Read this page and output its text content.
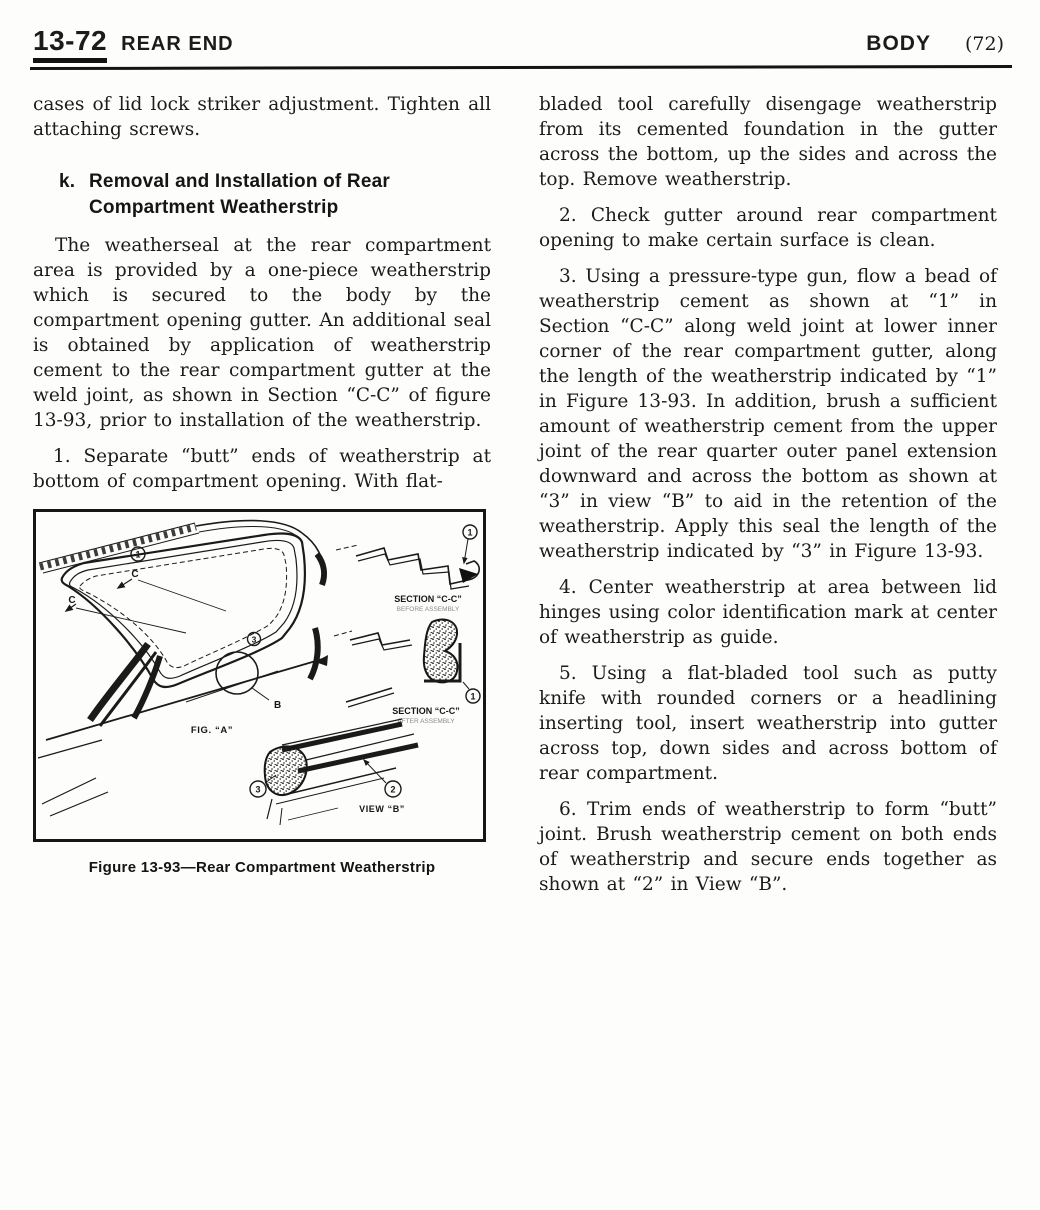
13-72 REAR END	BODY (72)

cases of lid lock striker adjustment. Tighten all attaching screws.

k. Removal and Installation of Rear Compartment Weatherstrip

The weatherseal at the rear compartment area is provided by a one-piece weatherstrip which is secured to the body by the compartment opening gutter. An additional seal is obtained by application of weatherstrip cement to the rear compartment gutter at the weld joint, as shown in Section “C-C” of figure 13-93, prior to installation of the weatherstrip.

1. Separate “butt” ends of weatherstrip at bottom of compartment opening. With flat-

C
C
1
3
B
FIG. “A”
1
SECTION “C-C”
BEFORE ASSEMBLY
1
SECTION “C-C”
AFTER ASSEMBLY
3	2
VIEW “B”

Figure 13-93—Rear Compartment Weatherstrip

bladed tool carefully disengage weatherstrip from its cemented foundation in the gutter across the bottom, up the sides and across the top. Remove weatherstrip.

2. Check gutter around rear compartment opening to make certain surface is clean.

3. Using a pressure-type gun, flow a bead of weatherstrip cement as shown at “1” in Section “C-C” along weld joint at lower inner corner of the rear compartment gutter, along the length of the weatherstrip indicated by “1” in Figure 13-93. In addition, brush a sufficient amount of weatherstrip cement from the upper joint of the rear quarter outer panel extension downward and across the bottom as shown at “3” in view “B” to aid in the retention of the weatherstrip. Apply this seal the length of the weatherstrip indicated by “3” in Figure 13-93.

4. Center weatherstrip at area between lid hinges using color identification mark at center of weatherstrip as guide.

5. Using a flat-bladed tool such as putty knife with rounded corners or a headlining inserting tool, insert weatherstrip into gutter across top, down sides and across bottom of rear compartment.

6. Trim ends of weatherstrip to form “butt” joint. Brush weatherstrip cement on both ends of weatherstrip and secure ends together as shown at “2” in View “B”.
